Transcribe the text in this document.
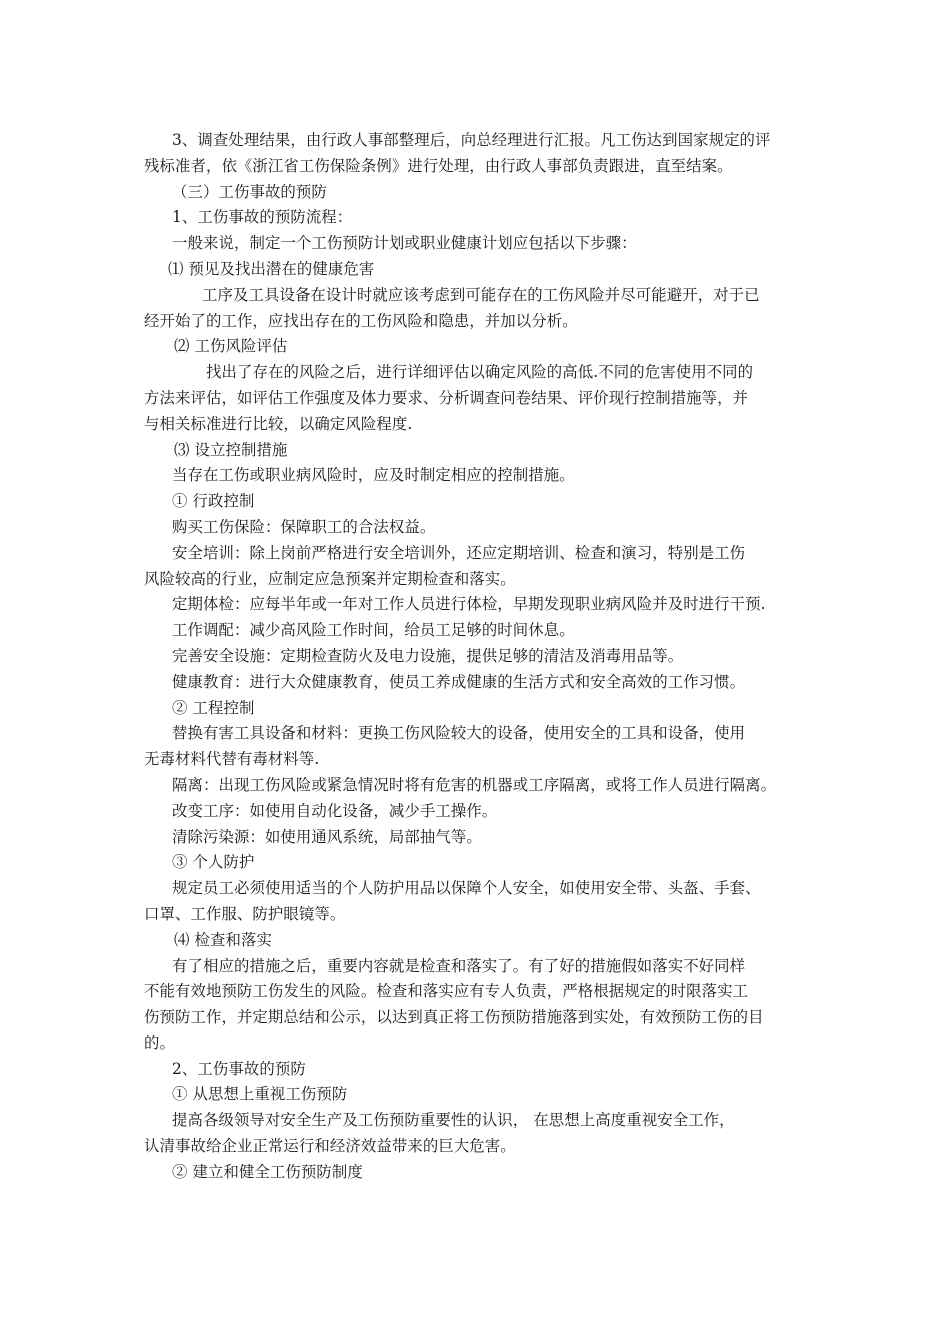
3、调查处理结果，由行政人事部整理后，向总经理进行汇报。凡工伤达到国家规定的评
残标准者，依《浙江省工伤保险条例》进行处理，由行政人事部负责跟进，直至结案。
（三）工伤事故的预防
1、工伤事故的预防流程：
一般来说，制定一个工伤预防计划或职业健康计划应包括以下步骤：
⑴ 预见及找出潜在的健康危害
工序及工具设备在设计时就应该考虑到可能存在的工伤风险并尽可能避开，对于已
经开始了的工作，应找出存在的工伤风险和隐患，并加以分析。
⑵ 工伤风险评估
找出了存在的风险之后，进行详细评估以确定风险的高低.不同的危害使用不同的
方法来评估，如评估工作强度及体力要求、分析调查问卷结果、评价现行控制措施等，并
与相关标准进行比较，以确定风险程度.
⑶ 设立控制措施
当存在工伤或职业病风险时，应及时制定相应的控制措施。
① 行政控制
购买工伤保险：保障职工的合法权益。
安全培训：除上岗前严格进行安全培训外，还应定期培训、检查和演习，特别是工伤
风险较高的行业，应制定应急预案并定期检查和落实。
定期体检：应每半年或一年对工作人员进行体检，早期发现职业病风险并及时进行干预.
工作调配：减少高风险工作时间，给员工足够的时间休息。
完善安全设施：定期检查防火及电力设施，提供足够的清洁及消毒用品等。
健康教育：进行大众健康教育，使员工养成健康的生活方式和安全高效的工作习惯。
② 工程控制
替换有害工具设备和材料：更换工伤风险较大的设备，使用安全的工具和设备，使用
无毒材料代替有毒材料等.
隔离：出现工伤风险或紧急情况时将有危害的机器或工序隔离，或将工作人员进行隔离。
改变工序：如使用自动化设备，减少手工操作。
清除污染源：如使用通风系统，局部抽气等。
③ 个人防护
规定员工必须使用适当的个人防护用品以保障个人安全，如使用安全带、头盔、手套、
口罩、工作服、防护眼镜等。
⑷ 检查和落实
有了相应的措施之后，重要内容就是检查和落实了。有了好的措施假如落实不好同样
不能有效地预防工伤发生的风险。检查和落实应有专人负责，严格根据规定的时限落实工
伤预防工作，并定期总结和公示，以达到真正将工伤预防措施落到实处，有效预防工伤的目
的。
2、工伤事故的预防
① 从思想上重视工伤预防
提高各级领导对安全生产及工伤预防重要性的认识， 在思想上高度重视安全工作，
认清事故给企业正常运行和经济效益带来的巨大危害。
② 建立和健全工伤预防制度
